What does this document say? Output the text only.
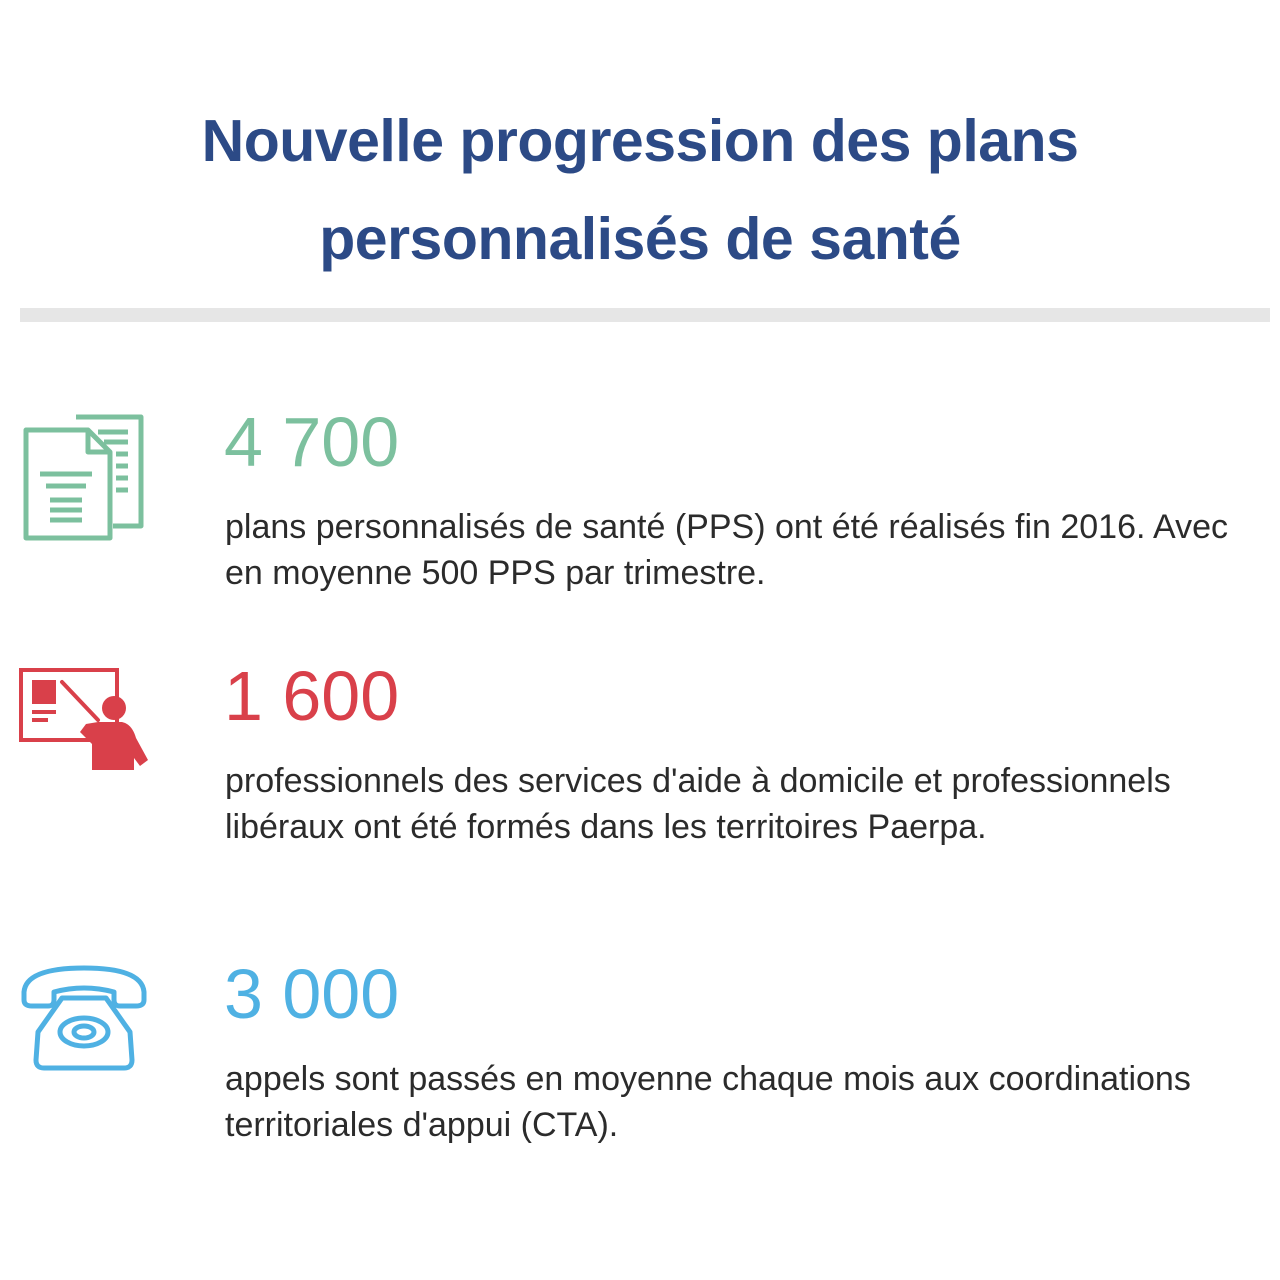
Nouvelle progression des plans
personnalisés de santé
4 700

plans personnalisés de santé (PPS) ont été réalisés fin 2016. Avec en moyenne 500 PPS par trimestre.

1 600

professionnels des services d'aide à domicile et professionnels libéraux ont été formés dans les territoires Paerpa.

3 000

appels sont passés en moyenne chaque mois aux coordinations territoriales d'appui (CTA).
